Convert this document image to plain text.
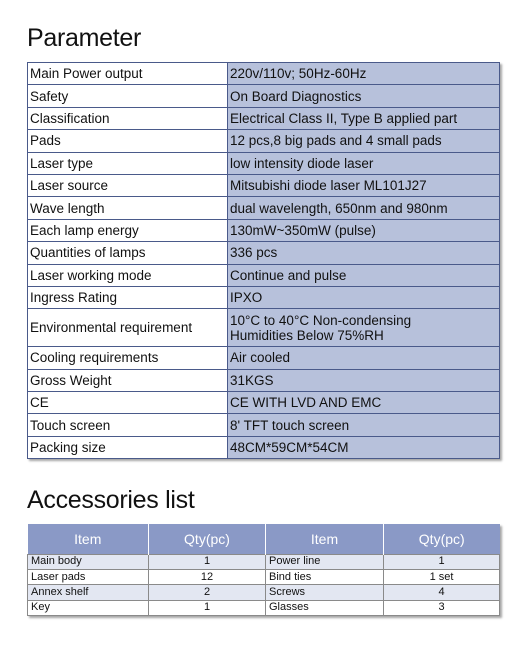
Parameter
Main Power output	220v/110v; 50Hz-60Hz

Safety	On Board Diagnostics

Classification	Electrical Class II, Type B applied part

Pads	12 pcs,8 big pads and 4 small pads

Laser type	low intensity diode laser

Laser source	Mitsubishi diode laser ML101J27

Wave length	dual wavelength, 650nm and 980nm

Each lamp energy	130mW~350mW (pulse)

Quantities of lamps	336 pcs

Laser working mode	Continue and pulse

Ingress Rating	IPXO

Environmental requirement	10°C to 40°C Non-condensing
Humidities Below 75%RH

Cooling requirements	Air cooled

Gross Weight	31KGS

CE	CE WITH LVD AND EMC

Touch screen	8' TFT touch screen

Packing size	48CM*59CM*54CM
Accessories list
Item	Qty(pc)	Item	Qty(pc)
Main body	1	Power line	1
Laser pads	12	Bind ties	1 set
Annex shelf	2	Screws	4
Key	1	Glasses	3
